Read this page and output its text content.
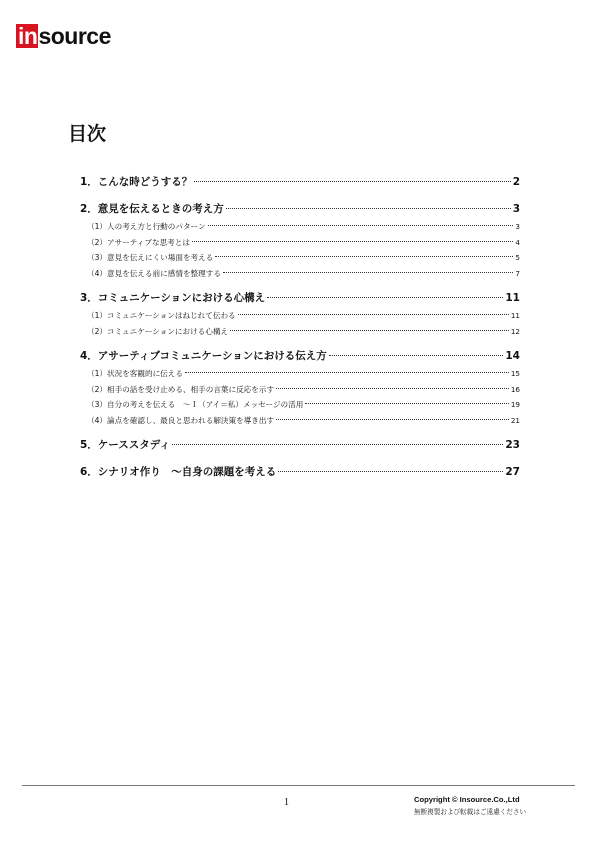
in source
目次
1．こんな時どうする？	2
2．意見を伝えるときの考え方	3
（1）人の考え方と行動のパターン	3
（2）アサーティブな思考とは	4
（3）意見を伝えにくい場面を考える	5
（4）意見を伝える前に感情を整理する	7
3．コミュニケーションにおける心構え	11
（1）コミュニケーションはねじれて伝わる	11
（2）コミュニケーションにおける心構え	12
4．アサーティブコミュニケーションにおける伝え方	14
（1）状況を客観的に伝える	15
（2）相手の話を受け止める、相手の言葉に反応を示す	16
（3）自分の考えを伝える　～Ｉ（アイ＝私）メッセージの活用	19
（4）論点を確認し、最良と思われる解決策を導き出す	21
5．ケーススタディ	23
6．シナリオ作り　～自身の課題を考える	27
1	Copyright © Insource.Co.,Ltd
無断複製および転載はご遠慮ください
